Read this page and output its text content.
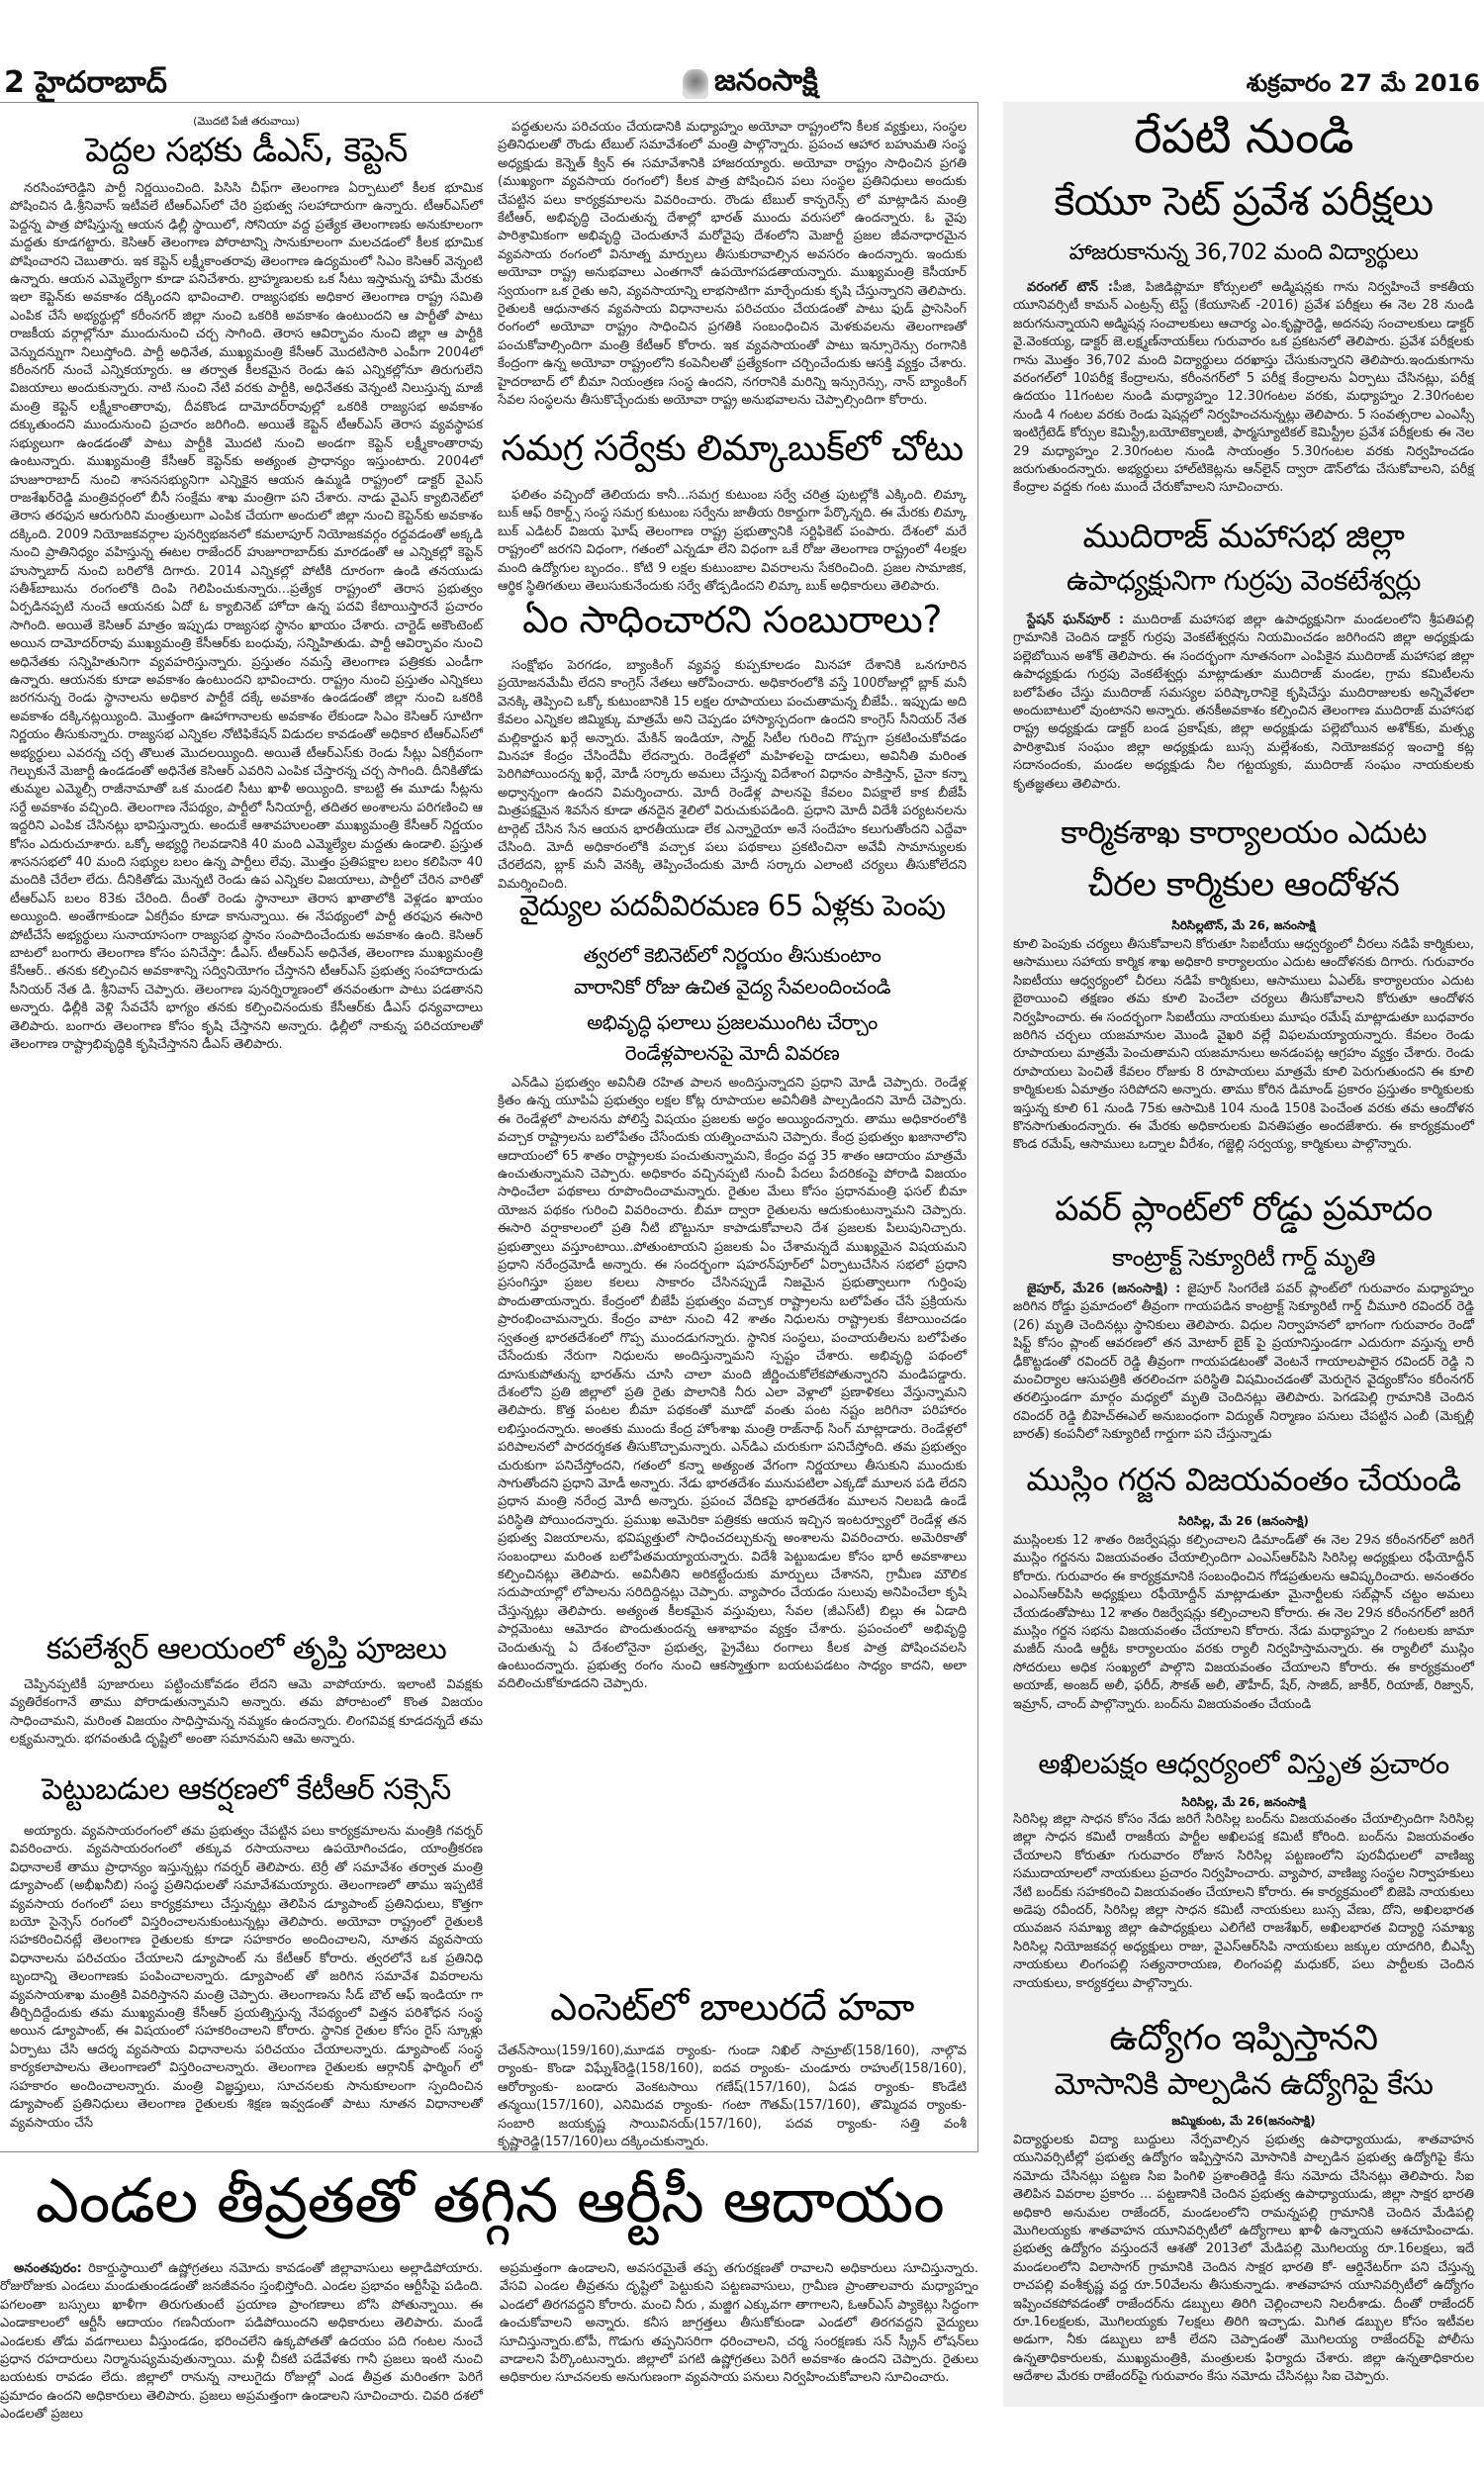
2 హైదరాబాద్	జనంసాక్షి	శుక్రవారం 27 మే 2016
(మొదటి పేజీ తరువాయి)
పెద్దల సభకు డీఎస్, కెప్టెన్

నరసింహారెడ్డిని పార్టీ నిర్ణయించింది. పిసిసి చీఫ్‌గా తెలంగాణ ఏర్పాటులో కీలక భూమిక పోషించిన డి.శ్రీనివాస్ ఇటీవలే టీఆర్ఎస్‌లో చేరి ప్రభుత్వ సలహాదారుగా ఉన్నారు. టీఆర్ఎస్‌లో పెద్దన్న పాత్ర పోషిస్తున్న ఆయన ఢిల్లీ స్థాయిలో, సోనియా వద్ద ప్రత్యేక తెలంగాణకు అనుకూలంగా మద్దతు కూడగట్టారు. కెసిఆర్ తెలంగాణ పోరాటాన్ని సానుకూలంగా మలచడంలో కీలక భూమిక పోషించారని చెబుతారు. ఇక కెప్టెన్ లక్ష్మీకాంతరావు తెలంగాణ ఉద్యమంలో సిఎం కెసిఆర్ వెన్నంటి ఉన్నారు. ఆయన ఎమ్మెల్యేగా కూడా పనిచేశారు. బ్రాహ్మణులకు ఒక సీటు ఇస్తామన్న హామీ మేరకు ఇలా కెప్టెన్‌కు అవకాశం దక్కిందని భావించాలి. రాజ్యసభకు అధికార తెలంగాణ రాష్ట్ర సమితి ఎంపిక చేసే అభ్యర్థుల్లో కరీంనగర్ జిల్లా నుంచి ఒకరికి అవకాశం ఉంటుందని ఆ పార్టీతో పాటు రాజకీయ వర్గాల్లోనూ ముందునుంచి చర్చ సాగింది. తెరాస ఆవిర్భావం నుంచి జిల్లా ఆ పార్టీకి వెన్నుదన్నుగా నిలుస్తోంది. పార్టీ అధినేత, ముఖ్యమంత్రి కేసీఆర్ మొదటిసారి ఎంపీగా 2004లో కరీంనగర్ నుంచే ఎన్నికయ్యారు. ఆ తర్వాత కీలకమైన రెండు ఉప ఎన్నికల్లోనూ తిరుగులేని విజయాలు అందుకున్నారు. నాటి నుంచి నేటి వరకు పార్టీకి, అధినేతకు వెన్నంటి నిలుస్తున్న మాజీ మంత్రి కెప్టెన్ లక్ష్మీకాంతారావు, దీవకొండ దామోదర్‌రావుల్లో ఒకరికి రాజ్యసభ అవకాశం దక్కుతుందని ముందునుంచి ప్రచారం జరిగింది. అయితే కెప్టెన్ టీఆర్ఎస్ తెరాస వ్యవస్థాపక సభ్యులుగా ఉండడంతో పాటు పార్టీకి మొదటి నుంచి అండగా కెప్టెన్ లక్ష్మీకాంతారావు ఉంటున్నారు. ముఖ్యమంత్రి కేసీఆర్ కెప్టెన్‌కు అత్యంత ప్రాధాన్యం ఇస్తుంటారు. 2004లో హుజూరాబాద్ నుంచి శాసనసభ్యునిగా ఎన్నికైన ఆయన ఉమ్మడి రాష్ట్రంలో డాక్టర్ వైఎస్ రాజశేఖర్‌రెడ్డి మంత్రివర్గంలో బీసీ సంక్షేమ శాఖ మంత్రిగా పని చేశారు. నాడు వైఎస్ క్యాబినెట్‌లో తెరాస తరఫున ఆరుగురిని మంత్రులుగా ఎంపిక చేయగా అందులో జిల్లా నుంచి కెప్టెన్‌కు అవకాశం దక్కింది. 2009 నియోజకవర్గాల పునర్విభజనలో కమలాపూర్ నియోజకవర్గం రద్దవడంతో అక్కడి నుంచి ప్రాతినిధ్యం వహిస్తున్న ఈటల రాజేందర్ హుజూరాబాద్‌కు మారడంతో ఆ ఎన్నికల్లో కెప్టెన్ హుస్నాబాద్ నుంచి బరిలోకి దిగారు. 2014 ఎన్నికల్లో పోటీకి దూరంగా ఉండి తనయుడు సతీశ్‌బాబును రంగంలోకి దింపి గెలిపించుకున్నారు...ప్రత్యేక రాష్ట్రంలో తెరాస ప్రభుత్వం ఏర్పడినప్పటి నుంచే ఆయనకు ఏదో ఓ క్యాబినెట్ హోదా ఉన్న పదవి కేటాయిస్తారనే ప్రచారం సాగింది. అయితే కెసిఆర్ మాత్రం ఇప్పుడు రాజ్యసభ స్థానం ఖాయం చేశారు. చార్టెడ్ అకౌంటెంట్ అయిన దామోదర్‌రావు ముఖ్యమంత్రి కేసీఆర్‌కు బంధువు, సన్నిహితుడు. పార్టీ ఆవిర్భావం నుంచి అధినేతకు సన్నిహితునిగా వ్యవహరిస్తున్నారు. ప్రస్తుతం నమస్తే తెలంగాణ పత్రికకు ఎండీగా ఉన్నారు. ఆయనకు కూడా అవకాశం ఉంటుందని భావించారు. రాష్ట్రం నుంచి ప్రస్తుతం ఎన్నికలు జరగనున్న రెండు స్థానాలను అధికార పార్టీకే దక్కే అవకాశం ఉండడంతో జిల్లా నుంచి ఒకరికి అవకాశం దక్కినట్లయ్యింది. మొత్తంగా ఊహాగానాలకు అవకాశం లేకుండా సిఎం కెసిఆర్ సూటిగా నిర్ణయం తీసుకున్నారు. రాజ్యసభ ఎన్నికల నోటిఫికేషన్ విడుదల కావడంతో అధికార టీఆర్ఎస్‌లో అభ్యర్థులు ఎవరన్న చర్చ తొలుత మొదలయ్యింది. అయితే టీఆర్ఎస్‌కు రెండు సీట్లు ఏకగ్రీవంగా గెల్చుకునే మెజార్టీ ఉండడంతో అధినేత కెసిఆర్ ఎవరిని ఎంపిక చేస్తారన్న చర్చ సాగింది. దీనికితోడు తుమ్మల ఎమ్మెల్సీ రాజీనామాతో ఒక మండలి సీటు ఖాళీ అయ్యింది. కాబట్టి ఈ మూడు సీట్లను సర్దే అవకాశం వచ్చింది. తెలంగాణ నేపథ్యం, పార్టీలో సీనియార్టీ, తదితర అంశాలను పరిగణించి ఆ ఇద్దరిని ఎంపిక చేసినట్లు భావిస్తున్నారు. అందుకే ఆశావహులంతా ముఖ్యమంత్రి కేసీఆర్ నిర్ణయం కోసం ఎదురుచూశారు. ఒక్కో అభ్యర్థి గెలవడానికి 40 మంది ఎమ్మెల్యేల మద్దతు ఉండాలి. ప్రస్తుత శాసనసభలో 40 మంది సభ్యుల బలం ఉన్న పార్టీలు లేవు. మొత్తం ప్రతిపక్షాల బలం కలిపినా 40 మందికి చేరేలా లేదు. దీనికితోడు మొన్నటి రెండు ఉప ఎన్నికల విజయాలు, పార్టీలో చేరిన వారితో టీఆర్ఎస్ బలం 83కు చేరింది. దీంతో రెండు స్థానాలూ తెరాస ఖాతాలోకి వెళ్లడం ఖాయం అయ్యింది. అంతేగాకుండా ఏకగ్రీవం కూడా కానున్నాయి. ఈ నేపథ్యంలో పార్టీ తరఫున ఈసారి పోటీచేసే అభ్యర్థులు సునాయాసంగా రాజ్యసభ స్థానం సంపాదించేందుకు అవకాశం ఉంది. కెసిఆర్ బాటలో బంగారు తెలంగాణ కోసం పనిచేస్తా: డీఎస్. టీఆర్ఎస్ అధినేత, తెలంగాణ ముఖ్యమంత్రి కేసీఆర్.. తనకు కల్పించిన అవకాశాన్ని సద్వినియోగం చేస్తానని టీఆర్ఎస్ ప్రభుత్వ సంహాదారుడు సీనియర్ నేత డి. శ్రీనివాస్ చెప్పారు. తెలంగాణ పునర్నిర్మాణంలో తనవంతుగా పాటు పడతానని అన్నారు. ఢిల్లీకి వెళ్లి సేవచేసే భాగ్యం తనకు కల్పించినందుకు కేసీఆర్‌కు డీఎస్ ధన్యవాదాలు తెలిపారు. బంగారు తెలంగాణ కోసం కృషి చేస్తానని అన్నారు. ఢిల్లీలో నాకున్న పరిచయాలతో తెలంగాణ రాష్ట్రాభివృద్ధికి కృషిచేస్తానని డీఎస్ తెలిపారు.

కపలేశ్వర్ ఆలయంలో తృప్తి పూజలు

చెప్పినప్పటికీ పూజారులు పట్టించుకోవడం లేదని ఆమె వాపోయారు. ఇలాంటి వివక్షకు వ్యతిరేకంగానే తాము పోరాడుతున్నామని అన్నారు. తమ పోరాటంలో కొంత విజయం సాధించామని, మరింత విజయం సాధిస్తామన్న నమ్మకం ఉందన్నారు. లింగవివక్ష కూడదన్నదే తమ లక్ష్యమన్నారు. భగవంతుడి దృష్టిలో అంతా సమానమని ఆమె అన్నారు.

పెట్టుబడుల ఆకర్షణలో కేటీఆర్ సక్సెస్

అయ్యారు. వ్యవసాయరంగంలో తమ ప్రభుత్వం చేపట్టిన పలు కార్యక్రమాలను మంత్రికి గవర్నర్ వివరించారు. వ్యవసాయరంగంలో తక్కువ రసాయనాలు ఉపయోగించడం, యాంత్రీకరణ విధానాలకే తాము ప్రాధాన్యం ఇస్తున్నట్లు గవర్నర్ తెలిపారు. టెర్రీ తో సమావేశం తర్వాత మంత్రి డ్యూపాంట్ (అభీఖనీబి) సంస్థ ప్రతినిధులతో సమావేశమయ్యారు. తెలంగాణలో తాము ఇప్పటికే వ్యవసాయ రంగంలో పలు కార్యక్రమాలు చేస్తున్నట్లు తెలిపిన డ్యూపాంట్ ప్రతినిధులు, కొత్తగా బయో సైన్సెస్ రంగంలో విస్తరించాలనుకుంటున్నట్లు తెలిపారు. అయోవా రాష్ట్రంలో రైతులకి సహకరించినట్లే తెలంగాణ రైతులకు కూడా సహకారం అందించాలని, నూతన వ్యవసాయ విధానాలను పరిచయం చేయాలని డ్యూపాంట్ ను కేటీఆర్ కోరారు. త్వరలోనే ఒక ప్రతినిధి బృందాన్ని తెలంగాణకు పంపించాలన్నారు. డ్యూపాంట్ తో జరిగిన సమావేశ వివరాలను వ్యవసాయశాఖ మంత్రికి వివరిస్తానని మంత్రి చెప్పారు. తెలంగాణను సీడ్ బౌల్ ఆఫ్ ఇండియా గా తీర్చిదిద్దేందుకు తమ ముఖ్యమంత్రి కేసీఆర్ ప్రయత్నిస్తున్న నేపథ్యంలో విత్తన పరిశోధన సంస్థ అయిన డ్యూపాంట్, ఈ విషయంలో సహకరించాలని కోరారు. స్థానిక రైతుల కోసం రైస్ స్కూళ్లు ఏర్పాటు చేసి ఆదర్శ వ్యవసాయ విధానాలను పరిచయం చేయాలన్నారు. డ్యూపాంట్ సంస్థ కార్యకలాపాలను తెలంగాణలో విస్తరించాలన్నారు. తెలంగాణ రైతులకు ఆర్గానిక్ ఫార్మింగ్ లో సహకారం అందించాలన్నారు. మంత్రి విజ్ఞప్తులు, సూచనలకు సానుకూలంగా స్పందించిన డ్యూపాంట్ ప్రతినిధులు తెలంగాణ రైతులకు శిక్షణ ఇవ్వడంతో పాటు నూతన విధానాలతో వ్యవసాయం చేసే

పద్ధతులను పరిచయం చేయడానికి మధ్యాహ్నం అయోవా రాష్ట్రంలోని కీలక వ్యక్తులు, సంస్థల ప్రతినిధులతో రౌండు టేబుల్ సమావేశంలో మంత్రి పాల్గొన్నారు. ప్రపంచ ఆహార బహుమతి సంస్థ అధ్యక్షుడు కెన్నెత్ క్విన్ ఈ సమావేశానికి హాజరయ్యారు. అయోవా రాష్ట్రం సాధించిన ప్రగతి (ముఖ్యంగా వ్యవసాయ రంగంలో) కీలక పాత్ర పోషించిన పలు సంస్థల ప్రతినిధులు అందుకు చేపట్టిన పలు కార్యక్రమాలను వివరించారు. రౌండు టేబుల్ కాన్ఫరెన్స్ లో మాట్లాడిన మంత్రి కేటీఆర్, అభివృద్ధి చెందుతున్న దేశాల్లో భారత్ ముందు వరుసలో ఉందన్నారు. ఓ వైపు పారిశ్రామికంగా అభివృద్ధి చెందుతూనే మరోవైపు దేశంలోని మెజార్టీ ప్రజల జీవనాధారమైన వ్యవసాయ రంగంలో వినూత్న మార్పులు తీసుకురావాల్సిన అవసరం ఉందన్నారు. ఇందుకు అయోవా రాష్ట్ర అనుభవాలు ఎంతగానో ఉపయోగపడతాయన్నారు. ముఖ్యమంత్రి కెసీయార్ స్వయంగా ఒక రైతు అని, వ్యవసాయాన్ని లాభసాటిగా మార్చేందుకు కృషి చేస్తున్నారని తెలిపారు. రైతులకి ఆధునాతన వ్యవసాయ విధానాలను పరిచయం చేయడంతో పాటు ఫుడ్ ప్రాసెసింగ్ రంగంలో అయోవా రాష్ట్రం సాధించిన ప్రగతికి సంబంధించిన మెళకువలను తెలంగాణతో పంచుకోవాల్సిందిగా మంత్రి కేటీఆర్ కోరారు. ఇక వ్యవసాయంతో పాటు ఇన్సూరెన్సు రంగానికి కేంద్రంగా ఉన్న అయోవా రాష్ట్రంలోని కంపెనీలతో ప్రత్యేకంగా చర్చించేందుకు ఆసక్తి వ్యక్తం చేశారు. హైదరాబాద్ లో బీమా నియంత్రణ సంస్థ ఉందని, నగరానికి మరిన్ని ఇన్సురెన్సు, నాన్ బ్యాంకింగ్ సేవల సంస్థలను తీసుకొచ్చేందుకు అయోవా రాష్ట్ర అనుభవాలను చెప్పాల్సిందిగా కోరారు.

సమగ్ర సర్వేకు లిమ్కాబుక్‌లో చోటు

ఫలితం వచ్చిందో తెలియదు కానీ...సమగ్ర కుటుంబ సర్వే చరిత్ర పుటల్లోకి ఎక్కింది. లిమ్కా బుక్ ఆఫ్ రికార్డ్స్ సంస్థ సమగ్ర కుటుంబ సర్వేను జాతీయ రికార్డుగా పేర్కొన్నది. ఈ మేరకు లిమ్కా బుక్ ఎడిటర్ విజయ ఘోష్ తెలంగాణ రాష్ట్ర ప్రభుత్వానికి సర్టిఫికెట్ పంపారు. దేశంలో మరే రాష్ట్రంలో జరగని విధంగా, గతంలో ఎన్నడూ లేని విధంగా ఒకే రోజు తెలంగాణ రాష్ట్రంలో 4లక్షల మంది ఉద్యోగుల బృందం.. కోటి 9 లక్షల కుటుంబాల వివరాలను సేకరించింది. ప్రజల సామాజిక, ఆర్థిక స్థితిగతులు తెలుసుకునేందుకు సర్వే తోడ్పడిందని లిమ్కా బుక్ అధికారులు తెలిపారు.

ఏం సాధించారని సంబురాలు?

సంక్షోభం పెరగడం, బ్యాంకింగ్ వ్యవస్థ కుప్పకూలడం మినహా దేశానికి ఒనగూరిన ప్రయోజనమేమీ లేదని కాంగ్రెస్ నేతలు ఆరోపించారు. అధికారంలోకి వస్తే 100రోజుల్లో బ్లాక్ మనీ వెనక్కి తెప్పించి ఒక్కో కుటుంబానికి 15 లక్షల రూపాయలు పంచుతామన్న బీజేపీ.. ఇప్పుడు అది కేవలం ఎన్నికల జిమ్మిక్కు మాత్రమే అని చెప్పడం హాస్యాస్పదంగా ఉందని కాంగ్రెస్ సీనియర్ నేత మల్లికార్జున ఖర్గే అన్నారు. మేకిన్ ఇండియా, స్మార్ట్ సిటీల గురించి గొప్పగా ప్రకటించుకోవడం మినహా కేంద్రం చేసిందేమీ లేదన్నారు. రెండేళ్లలో మహిళలపై దాడులు, అవినీతి మరింత పెరిగిపోయిందన్న ఖర్గే, మోడీ సర్కారు అమలు చేస్తున్న విదేశాంగ విధానం పాకిస్తాన్, చైనా కన్నా అధ్వాన్నంగా ఉందని విమర్శించారు. మోదీ రెండేళ్ల పాలనపై కేవలం విపక్షాలే కాక బీజేపీ మిత్రపక్షమైన శివసేన కూడా తనదైన శైలిలో విరుచుకుపడింది. ప్రధాని మోదీ విదేశీ పర్యటనలను టార్గెట్ చేసిన సేన ఆయన భారతీయుడా లేక ఎన్నారైయా అనే సందేహం కలుగుతోందని ఎద్దేవా చేసింది. మోదీ అధికారంలోకి వచ్చాక పలు పథకాలు ప్రకటించినా అవేవీ సామాన్యులకు చేరలేదని, బ్లాక్ మనీ వెనక్కి తెప్పించేందుకు మోదీ సర్కారు ఎలాంటి చర్యలు తీసుకోలేదని విమర్శించింది.

వైద్యుల పదవీవిరమణ 65 ఏళ్లకు పెంపు
త్వరలో కెబినెట్‌లో నిర్ణయం తీసుకుంటాం
వారానికో రోజు ఉచిత వైద్య సేవలందించండి
అభివృద్ధి ఫలాలు ప్రజలముంగిట చేర్చాం
రెండేళ్లపాలనపై మోదీ వివరణ

ఎన్‌డిఎ ప్రభుత్వం అవినీతి రహిత పాలన అందిస్తున్నాదని ప్రధాని మోడీ చెప్పారు. రెండేళ్ల క్రితం ఉన్న యూపిఏ ప్రభుత్వం లక్షల కోట్ల రూపాయల అవినీతికి పాల్పడిందని మోదీ చెప్పారు. ఈ రెండేళ్లలో పాలనను పోలిస్తే విషయం ప్రజలకు అర్థం అయ్యిందన్నారు. తాము అధికారంలోకి వచ్చాక రాష్ట్రాలను బలోపేతం చేసేందుకు యత్నించామని చెప్పారు. కేంద్ర ప్రభుత్వం ఖజానాలోని ఆదాయంలో 65 శాతం రాష్ట్రాలకు పంచుతున్నామని, కేంద్రం వద్ద 35 శాతం ఆదాయం మాత్రమే ఉంచుతున్నామని చెప్పారు. అధికారం వచ్చినప్పటి నుంచీ పేదలు పేదరికంపై పోరాడి విజయం సాధించేలా పథకాలు రూపొందించామన్నారు. రైతుల మేలు కోసం ప్రధానమంత్రి ఫసల్ బీమా యోజన పథకం గురించి వివరించారు. బీమా ద్వారా రైతులను ఆదుకుంటున్నామని చెప్పారు. ఈసారి వర్షాకాలంలో ప్రతి నీటి బొట్టునూ కాపాడుకోవాలని దేశ ప్రజలకు పిలుపునిచ్చారు. ప్రభుత్వాలు వస్తూంటాయి..పోతుంటాయని ప్రజలకు ఏం చేశామన్నదే ముఖ్యమైన విషయమని ప్రధాని నరేంద్రమోడీ అన్నారు. ఈ సందర్భంగా షహరన్‌పూర్‌లో ఏర్పాటుచేసిన సభలో ప్రధాని ప్రసంగిస్తూ ప్రజల కలలు సాకారం చేసినప్పుడే నిజమైన ప్రభుత్వాలుగా గుర్తింపు పొందుతాయన్నారు. కేంద్రంలో బీజేపీ ప్రభుత్వం వచ్చాక రాష్ట్రాలను బలోపేతం చేసే ప్రక్రియను ప్రారంభించామన్నారు. కేంద్రం వాటా నుంచి 42 శాతం నిధులను రాష్ట్రాలకు కేటాయించడం స్వతంత్ర భారతదేశంలో గొప్ప ముందడుగన్నారు. స్థానిక సంస్థలు, పంచాయతీలను బలోపేతం చేసేందుకు నేరుగా నిధులను అందిస్తున్నామని స్పష్టం చేశారు. అభివృద్ధి పథంలో దూసుకుపోతున్న భారత్‌ను చూసి చాలా మంది జీర్ణించుకోలేకపోతున్నారని మండిపడ్డారు. దేశంలోని ప్రతి జిల్లాలో ప్రతి రైతు పొలానికి నీరు ఎలా వెళ్లాలో ప్రణాళికలు వేస్తున్నామని తెలిపారు. కొత్త పంటల బీమా పథకంతో మూడో వంతు పంట నష్టం జరిగినా పరిహారం లభిస్తుందన్నారు. అంతకు ముందు కేంద్ర హోంశాఖ మంత్రి రాజ్‌నాథ్ సింగ్ మాట్లాడారు. రెండేళ్లలో పరిపాలనలో పారదర్శకత తీసుకొచ్చామన్నారు. ఎన్‌డిఎ చురుకుగా పనిచేస్తోంది. తమ ప్రభుత్వం చురుకుగా పనిచేస్తోందని, గతంలో కన్నా అత్యంత వేగంగా నిర్ణయాలు తీసుకుని ముందుకు సాగుతోందని ప్రధాని మోడీ అన్నారు. నేడు భారతదేశం మునుపటిలా ఎక్కడో మూలన పడి లేదని ప్రధాన మంత్రి నరేంద్ర మోదీ అన్నారు. ప్రపంచ వేదికపై భారతదేశం మూలన నిలబడి ఉండే పరిస్థితి పోయిందన్నారు. ప్రముఖ అమెరికా పత్రికకు ఆయన ఇచ్చిన ఇంటర్వ్యూలో రెండేళ్ల తన ప్రభుత్వ విజయాలను, భవిష్యత్తులో సాధించదల్చుకున్న అంశాలను వివరించారు. అమెరికాతో సంబంధాలు మరింత బలోపేతమయ్యాయన్నారు. విదేశీ పెట్టుబడుల కోసం భారీ అవకాశాలు కల్పించినట్లు తెలిపారు. అవినీతిని అరికట్టేందుకు మార్పులు చేశానని, గ్రామీణ మౌలిక సదుపాయాల్లో లోపాలను సరిదిద్దినట్లు చెప్పారు. వ్యాపారం చేయడం సులువు అనిపించేలా కృషి చేస్తున్నట్లు తెలిపారు. అత్యంత కీలకమైన వస్తువులు, సేవల (జీఎస్‌టీ) బిల్లు ఈ ఏడాది పార్లమెంటు ఆమోదం పొందుతుందన్న ఆశాభావం వ్యక్తం చేశారు. ప్రపంచంలో అభివృద్ధి చెందుతున్న ఏ దేశంలోనైనా ప్రభుత్వ, ప్రైవేటు రంగాలు కీలక పాత్ర పోషించవలసి ఉంటుందన్నారు. ప్రభుత్వ రంగం నుంచి ఆకస్మాత్తుగా బయటపడటం సాధ్యం కాదని, అలా వదిలించుకోకూడదని చెప్పారు.

ఎంసెట్‌లో బాలురదే హవా

చేతన్‌సాయి(159/160),మూడవ ర్యాంకు- గుండా నిఖిల్ సామ్రాట్(158/160), నాల్గొవ ర్యాంకు- కొండా విఘ్నేశ్‌రెడ్డి(158/160), ఐదవ ర్యాంకు- చుండూరు రాహుల్(158/160), ఆరోర్యాంకు- బండారు వెంకటసాయి గణేష్(157/160), ఏడవ ర్యాంకు- కొండేటి తన్మయి(157/160), ఎనిమిదవ ర్యాంకు- గంటా గౌతమ్(157/160), తొమ్మిదవ ర్యాంకు- సంబారి జయకృష్ణ సాయివినయ్(157/160), పదవ ర్యాంకు- సత్తి వంశీ కృష్ణారెడ్డి(157/160)లు దక్కించుకున్నారు.

ఎండల తీవ్రతతో తగ్గిన ఆర్టీసీ ఆదాయం

అనంతపురం: రికార్డుస్థాయిలో ఉష్ణోగ్రతలు నమోదు కావడంతో జిల్లావాసులు అల్లాడిపోయారు. రోజురోజుకు ఎండలు మండుతుండడంతో జనజీవనం స్తంభిస్తోంది. ఎండల ప్రభావం ఆర్టీసీపై పడింది. పగలంతా బస్సులు ఖాళీగా తిరుగుతుంటే ప్రయాణ ప్రాంగణాలు బోసి పోతున్నాయి. ఈ ఎండాకాలంలో ఆర్టీసీ ఆదాయం గణనీయంగా పడిపోయిందని అధికారులు తెలిపారు. మండే ఎండలకు తోడు వడగాలులు వీస్తుండడం, భరించలేని ఉక్కపోతతో ఉదయం పది గంటల నుంచే ప్రధాన రహదారులు నిర్మానుష్యమవుతున్నాయి. మళ్లీ చీకటి పడేవేళకు గానీ ప్రజలు ఇంటి నుంచి బయటకు రావడం లేదు. జిల్లాలో రానున్న నాలుగైదు రోజుల్లో ఎండ తీవ్రత మరింతగా పెరిగే ప్రమాదం ఉందని అధికారులు తెలిపారు. ప్రజలు అప్రమత్తంగా ఉండాలని సూచించారు. చివరి దశలో ఎండలతో ప్రజలు

అప్రమత్తంగా ఉండాలని, అవసరమైతే తప్ప తగురక్షణతో రావాలని అధికారులు సూచిస్తున్నారు. వేసవి ఎండల తీవ్రతను దృష్టిలో పెట్టుకుని పట్టణవాసులు, గ్రామీణ ప్రాంతాలవారు మధ్యాహ్నం ఎండలో తిరగవద్దని కోరారు. మంచి నీరు , మజ్జిగ ఎక్కువగా తాగాలని, ఓఆర్ఎస్ ప్యాకెట్లు సిద్ధంగా ఉంచుకోవాలని అన్నారు. కనీస జాగ్రత్తలు తీసుకోకుండా ఎండలో తిరగవద్దని వైద్యులు సూచిస్తున్నారు.టోపీ, గొడుగు తప్పనిసరిగా ధరించాలని, చర్మ సంరక్షణకు సన్ స్క్రీన్ లోషన్‌లు వాడాలని పేర్కొంటున్నారు. జిల్లాలో పగటి ఉష్ణోగ్రతలు పెరిగే అవకాశం ఉందని చెప్పారు. రైతులు అధికారుల సూచనలకు అనుగుణంగా వ్యవసాయ పనులు నిర్వహించుకోవాలని సూచించారు.

రేపటి నుండి
కేయూ సెట్ ప్రవేశ పరీక్షలు
హాజరుకానున్న 36,702 మంది విద్యార్థులు

వరంగల్ టౌన్ :పీజి, పిజిడిప్లొమా కోర్సులలో అడ్మిషన్లకు గాను నిర్వహించే కాకతీయ యూనివర్సిటీ కామన్ ఎంట్రన్స్ టెస్ట్ (కేయూసెట్ -2016) ప్రవేశ పరీక్షలు ఈ నెల 28 నుండి జరుగనున్నాయని అడ్మిషన్ల సంచాలకులు ఆచార్య ఎం.కృష్ణారెడ్డి, అదనపు సంచాలకులు డాక్టర్ వై.వెంకయ్య, డాక్టర్ జె.లక్ష్మణ్‌నాయక్‌లు గురువారం ఒక ప్రకటనలో తెలిపారు. ప్రవేశ పరీక్షలకు గాను మొత్తం 36,702 మంది విద్యార్థులు దరఖాస్తు చేసుకున్నారని తెలిపారు.ఇందుకుగాను వరంగల్‌లో 10పరీక్ష కేంద్రాలను, కరీంనగర్‌లో 5 పరీక్ష కేంద్రాలను ఏర్పాటు చేసినట్లు, పరీక్ష ఉదయం 11గంటల నుండి మధ్యాహ్నం 12.30గంటల వరకు, మధ్యాహ్నం 2.30గంటల నుండి 4 గంటల వరకు రెండు షెషన్లలో నిర్వహించనున్నట్లు తెలిపారు. 5 సంవత్సరాల ఎంఎస్సీ ఇంటిగ్రేటెడ్ కోర్సుల కెమిస్ట్రీ,బయోటెక్నాలజీ, ఫార్మస్యూటికల్ కెమిస్ట్రీల ప్రవేశ పరీక్షలకు ఈ నెల 29 మధ్యాహ్నం 2.30గంటల నుండి సాయంత్రం 5.30గంటల వరకు నిర్వహించడం జరుగుతుందన్నారు. అభ్యర్థులు హాల్‌టికెట్లను ఆన్‌లైన్ ద్వారా డౌన్‌లోడు చేసుకోవాలని, పరీక్ష కేంద్రాల వద్దకు గంట ముందే చేరుకోవాలని సూచించారు.

ముదిరాజ్ మహాసభ జిల్లా
ఉపాధ్యక్షునిగా గుర్రపు వెంకటేశ్వర్లు

స్టేషన్ ఘన్‌పూర్ : ముదిరాజ్ మహాసభ జిల్లా ఉపాధ్యక్షునిగా మండలంలోని శ్రీపతిపల్లి గ్రామానికి చెందిన డాక్టర్ గుర్రపు వెంకటేశ్వర్లను నియమించడం జరిగిందని జిల్లా అధ్యక్షుడు పల్లెబోయిన అశోక్ తెలిపారు. ఈ సందర్భంగా నూతనంగా ఎంపికైన ముదిరాజ్ మహాసభ జిల్లా ఉపాధ్యక్షుడు గుర్రపు వెంకటేశ్వర్లు మాట్లాడుతూ ముదిరాజ్ మండల, గ్రామ కమిటీలను బలోపేతం చేస్తు ముదిరాజ్ సమస్యల పరిష్కారానికై కృషిచేస్తు ముదిరాజులకు అన్నివేళలా అందుబాటులో వుంటానని అన్నారు. తనకీఅవకాశం కల్పించిన తెలంగాణ ముదిరాజ్ మహాసభ రాష్ట్ర అధ్యక్షుడు డాక్టర్ బండ ప్రకాష్‌కు, జిల్లా అధ్యక్షుడు పల్లెబోయిన అశోక్‌కు, మత్స్య పారిశ్రామిక సంఘం జిల్లా అధ్యక్షుడు బుస్స మల్లేశంకు, నియోజకవర్గ ఇంచార్జి కట్ల సదానందంకు, మండల అధ్యక్షుడు నీల గట్టయ్యకు, ముదిరాజ్ సంఘం నాయకులకు కృతజ్ఞతలు తెలిపారు.

కార్మికశాఖ కార్యాలయం ఎదుట
చీరల కార్మికుల ఆందోళన
సిరిసిల్లటౌన్, మే 26, జనంసాక్షి

కూలి పెంపుకు చర్యలు తీసుకోవాలని కోరుతూ సిఐటీయు ఆధ్వర్యంలో చీరలు నడిపే కార్మికులు, ఆసాములు సహాయ కార్మిక శాఖ అధికారి కార్యాలయం ఎదుట ఆందోళనకు దిగారు. గురువారం సిఐటీయు ఆధ్వర్యంలో చీరలు నడిపే కార్మికులు, ఆసాములు ఏఎల్ఓ కార్యాలయం ఎదుట బైఠాయించి తక్షణం తమ కూలి పెంచేలా చర్యలు తీసుకోవాలని కోరుతూ ఆందోళన నిర్వహించారు. ఈ సందర్భంగా సిఐటీయు నాయకులు మూషం రమేష్ మాట్లాడుతూ బుధవారం జరిగిన చర్చలు యజమానుల మొండి వైఖరి వల్లే విఫలమయ్యాయన్నారు. కేవలం రెండు రూపాయలు మాత్రమే పెంచుతామని యజమానులు అనడంపట్ల ఆగ్రహం వ్యక్తం చేశారు. రెండు రూపాయలు పెంచితే కేవలం రోజుకు 8 రూపాయలు మాత్రమే కూలి పెరుగుతుందని ఈ కూలి కార్మికులకు ఏమాత్రం సరిపోదని అన్నారు. తాము కోరిన డిమాండ్ ప్రకారం ప్రస్తుతం కార్మికులకు ఇస్తున్న కూలి 61 నుండి 75కు ఆసామికి 104 నుండి 150కి పెంచేంత వరకు తమ ఆందోళన కొనసాగుతుందన్నారు. ఈ మేరకు అధికారులకు వినతిపత్రం అందజేశారు. ఈ కార్యక్రమంలో కొండ రమేష్, ఆసాములు ఒద్నాల వీరేశం, గజ్జెల్లి సర్వయ్య, కార్మికులు పాల్గొన్నారు.

పవర్ ప్లాంట్‌లో రోడ్డు ప్రమాదం
కాంట్రాక్ట్ సెక్యూరిటీ గార్డ్ మృతి

జైపూర్, మే26 (జనంసాక్షి) : జైపూర్ సింగరేణి పవర్ ప్లాంట్‌లో గురువారం మధ్యాహ్నం జరిగిన రోడ్డు ప్రమాదంలో తీవ్రంగా గాయపడిన కాంట్రాక్ట్ సెక్యూరిటీ గార్డ్ చీమూరి రవిందర్ రెడ్డి (26) మృతి చెందినట్లు స్థానికులు తెలిపారు. విధుల నిర్వాహనలో భాగంగా గురువారం రెండో షిఫ్ట్ కోసం ప్లాంట్ ఆవరణలో తన మోటార్ బైక్ పై ప్రయానిస్తుండగా ఎదురుగా వస్తున్న లారీ ఢీకొట్టడంతో రవిందర్ రెడ్డి తీవ్రంగా గాయపడటంతో వెంటనే గాయాలపాలైన రవిందర్ రెడ్డి ని మంచిర్యాల ఆసుపత్రికి తరలించగా పరిస్థితి విషమించడంతో మెరుగైన వైద్యంకోసం కరీంనగర్ తరలిస్తుండగా మార్గం మధ్యలో మృతి చెందినట్లు తెలిపారు. పెగడపెల్లి గ్రామానికి చెందిన రవిందర్ రెడ్డి బీహెచ్‌ఈఎల్ అనుబంధంగా విద్యుత్ నిర్మాణం పనులు చేపట్టిన ఎంబీ (మెక్నల్లీ బారత్) కంపనీలో సెక్యూరిటీ గార్డుగా పని చేస్తున్నాడు

ముస్లిం గర్జన విజయవంతం చేయండి
సిరిసిల్ల, మే 26 (జనంసాక్షి)

ముస్లింలకు 12 శాతం రిజర్వేషన్లు కల్పించాలని డిమాండ్‌తో ఈ నెల 29న కరీంనగర్‌లో జరిగే ముస్లిం గర్జనను విజయవంతం చేయాల్సిందిగా ఎంఎస్ఆర్‌పిసి సిరిసిల్ల అధ్యక్షులు రఫీయోద్దీన్ కోరారు. గురువారం ఈ కార్యక్రమానికి సంబంధించిన గోడప్రతులను ఆవిష్కరించారు. అనంతరం ఎంఎస్ఆర్‌పిసి అధ్యక్షులు రఫీయోద్దీన్ మాట్లాడుతూ మైనార్టీలకు సబ్‌ప్లాన్ చట్టం అమలు చేయడంతోపాటు 12 శాతం రిజర్వేషన్లు కల్పించాలని కోరారు. ఈ నెల 29న కరీంనగర్‌లో జరిగే ముస్లిం గర్జన సభను విజయవంతం చేయాలని కోరారు. నేడు మధ్యాహ్నం 2 గంటలకు జామా మజీద్ నుండి ఆర్టీఓ కార్యాలయం వరకు ర్యాలీ నిర్వహిస్తామన్నారు. ఈ ర్యాలీలో ముస్లిం సోదరులు అధిక సంఖ్యలో పాల్గొని విజయవంతం చేయాలని కోరారు. ఈ కార్యక్రమంలో అయాజ్, అంజద్ అలీ, ఫరీద్, సౌకత్ అలీ, తౌహీద్, షేర్, సాజిద్, జాకీర్, రియాజ్, రిజ్వాన్, ఇమ్రాన్, చాంద్ పాల్గొన్నారు. బంద్‌ను విజయవంతం చేయండి

అఖిలపక్షం ఆధ్వర్యంలో విస్తృత ప్రచారం
సిరిసిల్ల, మే 26, జనంసాక్షి

సిరిసిల్ల జిల్లా సాధన కోసం నేడు జరిగే సిరిసిల్ల బంద్‌ను విజయవంతం చేయాల్సిందిగా సిరిసిల్ల జిల్లా సాధన కమిటీ రాజకీయ పార్టీల అఖిలపక్ష కమిటీ కోరింది. బంద్‌ను విజయవంతం చేయాలని కోరుతూ గురువారం రోజున సిరిసిల్ల పట్టణంలోని పురవీధులలో వాణిజ్య సముదాయాలలో నాయకులు ప్రచారం నిర్వహించారు. వ్యాపార, వాణిజ్య సంస్థల నిర్వాహకులు నేటి బంద్‌కు సహకరించి విజయవంతం చేయాలని కోరారు. ఈ కార్యక్రమంలో బిజెపి నాయకులు అడెపు రవీందర్, సిరిసిల్ల జిల్లా సాధన కమిటీ నాయకులు బుస్స వేణు, దోని, అఖిలభారత యువజన సమాఖ్య జిల్లా ఉపాధ్యక్షులు ఎలిగేటి రాజశేఖర్, అఖిలభారత విద్యార్థి సమాఖ్య సిరిసిల్ల నియోజకవర్గ అధ్యక్షులు రాజు, వైఎస్ఆర్‌సిపి నాయకులు జక్కుల యాదగిరి, బీఎస్పీ నాయకులు లింగంపల్లి సత్యనారాయణ, లింగంపల్లి మధుకర్, పలు పార్టీలకు చెందిన నాయకులు, కార్యకర్తలు పాల్గొన్నారు.

ఉద్యోగం ఇప్పిస్తానని
మోసానికి పాల్పడిన ఉద్యోగిపై కేసు
జమ్మికుంట, మే 26(జనంసాక్షి)

విద్యార్థులకు విద్యా బుద్దులు నేర్పవాల్సిన ప్రభుత్వ ఉపాధ్యాయుడు, శాతవాహన యునివర్సిటీల్లో ప్రభుత్వ ఉద్యోగం ఇప్పిస్తానని మోసానికి పాల్పడిన ప్రభుత్వ ఉద్యోగిపై కేసు నమోదు చేసినట్లు పట్టణ సిఐ పింగిళి ప్రశాంతిరెడ్డి కేసు నమోదు చేసినట్లు తెలిపారు. సిఐ తెలిపిన వివరాల ప్రకారం ... పట్టణానికి చెందిన ప్రభుత్వ ఉపాధ్యాయుడు, జిల్లా సాక్షర భారతి అధికారి అనుమల రాజేందర్, మండలంలోని రామన్నపల్లి గ్రామానికి చెందిన మేడిపల్లి మొగిలయ్యకు శాతవాహన యూనివర్సిటీలో ఉద్యోగాలు ఖాళీ ఉన్నాయని ఆశచూపించాడు. ప్రభుత్వ ఉద్యోగం వస్తుందనే ఆశతో 2013లో మేడిపల్లి మొగిలయ్య రూ.16లక్షలు, ఇదే మండలంలోని విలాసాగర్ గ్రామానికి చెందిన సాక్షర భారతి కో- ఆర్డినేటర్‌గా పని చేస్తున్న రాచపల్లి వంశీకృష్ణ వద్ద రూ.50వేలను తీసుకున్నాడు. శాతవాహన యూనివర్సిటీలో ఉద్యోగం ఇప్పించకపోవడంతో రాజేందర్‌ను డబ్బులు తిరిగి చెల్లించాలని నిలదీశాడు. దీంతో రాజేందర్ రూ.16లక్షలకు, మొగిలయ్యకు 7లక్షలు తిరిగి ఇచ్చాడు. మిగిత డబ్బుల కోసం ఇటీవల అడుగా, నీకు డబ్బులు బాకీ లేదని చెప్పాడంతో మొగిలయ్య రాజేందర్‌పై పోలీసు ఉన్నతాధికారులకు, ముఖ్యమంత్రికి, మంత్రులకు ఫిర్యాదు చేశారు. జిల్లా ఉన్నతాధికారుల ఆదేశాల మేరకు రాజేందర్‌పై గురువారం కేసు నమోదు చేసినట్లు సిఐ చెప్పారు.
